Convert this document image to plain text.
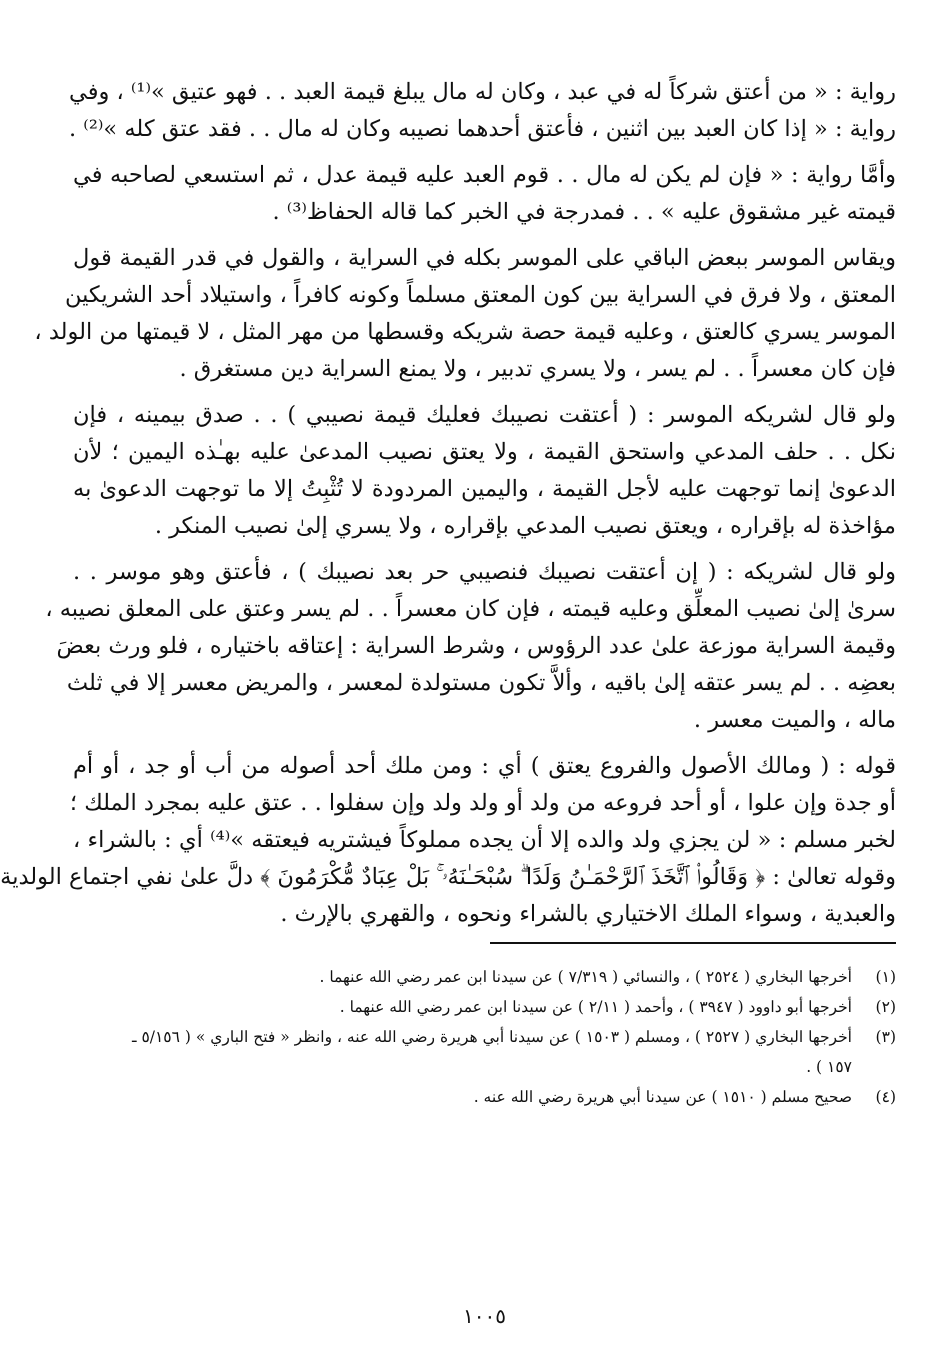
رواية : « من أعتق شركاً له في عبد ، وكان له مال يبلغ قيمة العبد . . فهو عتيق »⁽¹⁾ ، وفي
رواية : « إذا كان العبد بين اثنين ، فأعتق أحدهما نصيبه وكان له مال . . فقد عتق كله »⁽²⁾ .
وأمَّا رواية : « فإن لم يكن له مال . . قوم العبد عليه قيمة عدل ، ثم استسعي لصاحبه في
قيمته غير مشقوق عليه » . . فمدرجة في الخبر كما قاله الحفاظ⁽³⁾ .
ويقاس الموسر ببعض الباقي على الموسر بكله في السراية ، والقول في قدر القيمة قول
المعتق ، ولا فرق في السراية بين كون المعتق مسلماً وكونه كافراً ، واستيلاد أحد الشريكين
الموسر يسري كالعتق ، وعليه قيمة حصة شريكه وقسطها من مهر المثل ، لا قيمتها من الولد ،
فإن كان معسراً . . لم يسر ، ولا يسري تدبير ، ولا يمنع السراية دين مستغرق .
ولو قال لشريكه الموسر : ( أعتقت نصيبك فعليك قيمة نصيبي ) . . صدق بيمينه ، فإن
نكل . . حلف المدعي واستحق القيمة ، ولا يعتق نصيب المدعىٰ عليه بهـٰذه اليمين ؛ لأن
الدعوىٰ إنما توجهت عليه لأجل القيمة ، واليمين المردودة لا تُثْبِتُ إلا ما توجهت الدعوىٰ به
مؤاخذة له بإقراره ، ويعتق نصيب المدعي بإقراره ، ولا يسري إلىٰ نصيب المنكر .
ولو قال لشريكه : ( إن أعتقت نصيبك فنصيبي حر بعد نصيبك ) ، فأعتق وهو موسر . .
سرىٰ إلىٰ نصيب المعلِّق وعليه قيمته ، فإن كان معسراً . . لم يسر وعتق على المعلق نصيبه ،
وقيمة السراية موزعة علىٰ عدد الرؤوس ، وشرط السراية : إعتاقه باختياره ، فلو ورث بعضَ
بعضِه . . لم يسر عتقه إلىٰ باقيه ، وألاَّ تكون مستولدة لمعسر ، والمريض معسر إلا في ثلث
ماله ، والميت معسر .
قوله : ( ومالك الأصول والفروع يعتق ) أي : ومن ملك أحد أصوله من أب أو جد ، أو أم
أو جدة وإن علوا ، أو أحد فروعه من ولد أو ولد ولد وإن سفلوا . . عتق عليه بمجرد الملك ؛
لخبر مسلم : « لن يجزي ولد والده إلا أن يجده مملوكاً فيشتريه فيعتقه »⁽⁴⁾ أي : بالشراء ،
وقوله تعالىٰ : ﴿ وَقَالُوا۟ ٱتَّخَذَ ٱلرَّحْمَـٰنُ وَلَدًا ۗ سُبْحَـٰنَهُۥ ۚ بَلْ عِبَادٌ مُّكْرَمُونَ ﴾ دلَّ علىٰ نفي اجتماع الولدية
والعبدية ، وسواء الملك الاختياري بالشراء ونحوه ، والقهري بالإرث .
(١)
أخرجها البخاري ( ٢٥٢٤ ) ، والنسائي ( ٧/٣١٩ ) عن سيدنا ابن عمر رضي الله عنهما .
(٢)
أخرجها أبو داوود ( ٣٩٤٧ ) ، وأحمد ( ٢/١١ ) عن سيدنا ابن عمر رضي الله عنهما .
(٣)
أخرجها البخاري ( ٢٥٢٧ ) ، ومسلم ( ١٥٠٣ ) عن سيدنا أبي هريرة رضي الله عنه ، وانظر « فتح الباري » ( ٥/١٥٦ ـ
١٥٧ ) .
(٤)
صحيح مسلم ( ١٥١٠ ) عن سيدنا أبي هريرة رضي الله عنه .
١٠٠٥
